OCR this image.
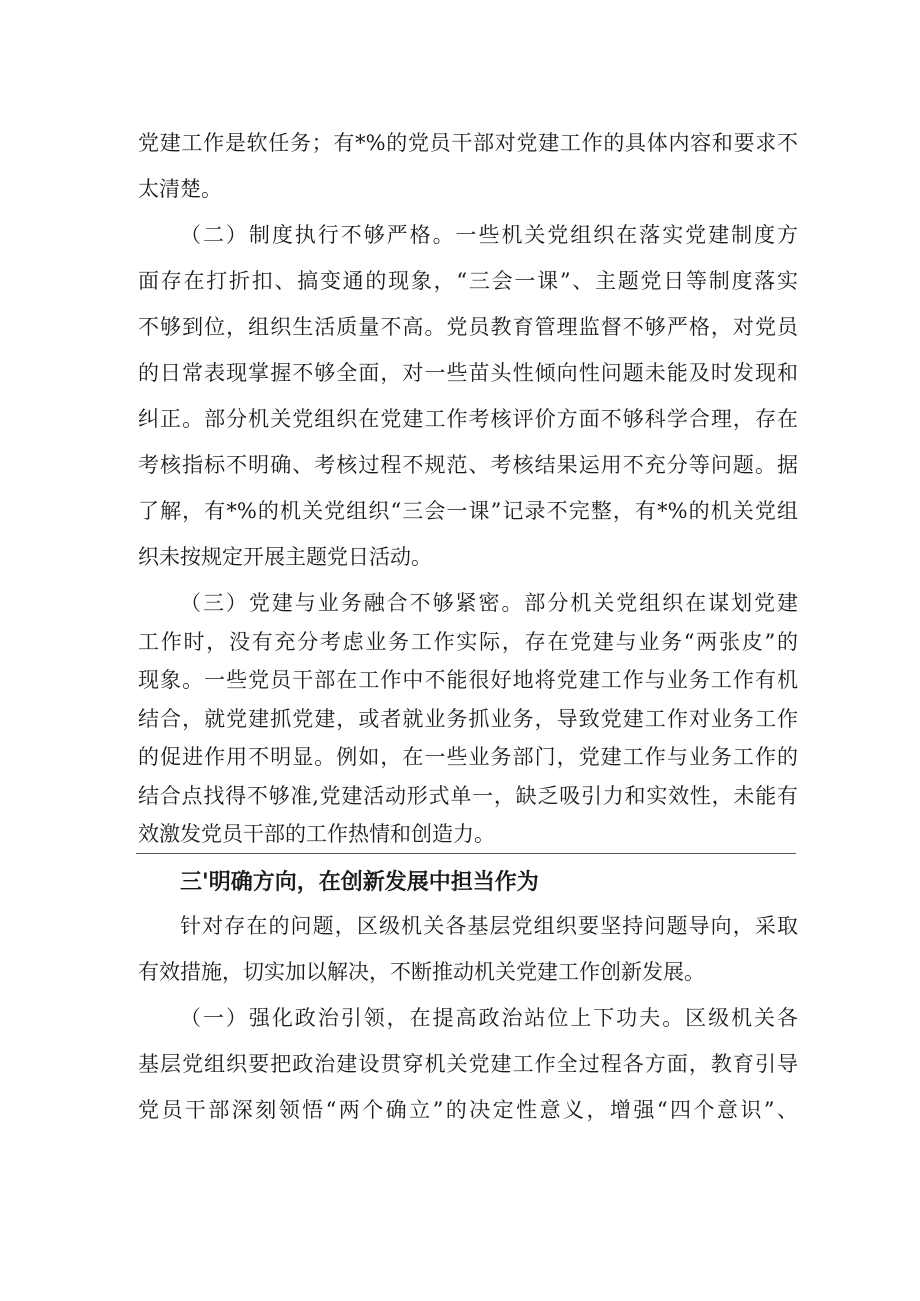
党建工作是软任务；有*%的党员干部对党建工作的具体内容和要求不
太清楚。
（二）制度执行不够严格。一些机关党组织在落实党建制度方
面存在打折扣、搞变通的现象，“三会一课”、主题党日等制度落实
不够到位，组织生活质量不高。党员教育管理监督不够严格，对党员
的日常表现掌握不够全面，对一些苗头性倾向性问题未能及时发现和
纠正。部分机关党组织在党建工作考核评价方面不够科学合理，存在
考核指标不明确、考核过程不规范、考核结果运用不充分等问题。据
了解，有*%的机关党组织“三会一课”记录不完整，有*%的机关党组
织未按规定开展主题党日活动。
（三）党建与业务融合不够紧密。部分机关党组织在谋划党建
工作时，没有充分考虑业务工作实际，存在党建与业务“两张皮”的
现象。一些党员干部在工作中不能很好地将党建工作与业务工作有机
结合，就党建抓党建，或者就业务抓业务，导致党建工作对业务工作
的促进作用不明显。例如，在一些业务部门，党建工作与业务工作的
结合点找得不够准,党建活动形式单一，缺乏吸引力和实效性，未能有
三'明确方向，在创新发展中担当作为
针对存在的问题，区级机关各基层党组织要坚持问题导向，采取
有效措施，切实加以解决，不断推动机关党建工作创新发展。
（一）强化政治引领，在提高政治站位上下功夫。区级机关各
基层党组织要把政治建设贯穿机关党建工作全过程各方面，教育引导
党员干部深刻领悟“两个确立”的决定性意义，增强“四个意识”、
效激发党员干部的工作热情和创造力。
